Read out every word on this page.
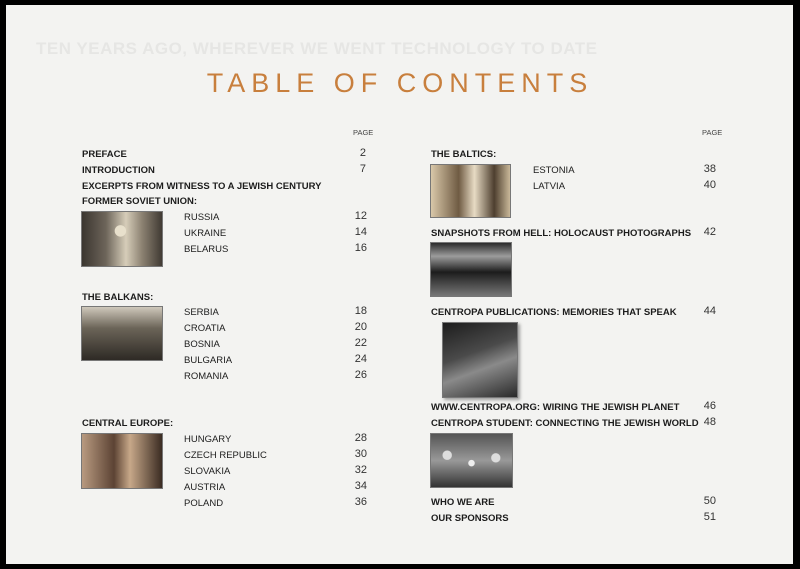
TEN YEARS AGO, WHEREVER WE WENT TECHNOLOGY TO DATE
TABLE OF CONTENTS
PAGE	PAGE
PREFACE	2
INTRODUCTION	7
EXCERPTS FROM WITNESS TO A JEWISH CENTURY
FORMER SOVIET UNION:
RUSSIA	12
UKRAINE	14
BELARUS	16
THE BALKANS:
SERBIA	18
CROATIA	20
BOSNIA	22
BULGARIA	24
ROMANIA	26
CENTRAL EUROPE:
HUNGARY	28
CZECH REPUBLIC	30
SLOVAKIA	32
AUSTRIA	34
POLAND	36
THE BALTICS:
ESTONIA	38
LATVIA	40
SNAPSHOTS FROM HELL: HOLOCAUST PHOTOGRAPHS	42
CENTROPA PUBLICATIONS: MEMORIES THAT SPEAK	44
WWW.CENTROPA.ORG: WIRING THE JEWISH PLANET	46
CENTROPA STUDENT: CONNECTING THE JEWISH WORLD 48
WHO WE ARE	50
OUR SPONSORS	51
